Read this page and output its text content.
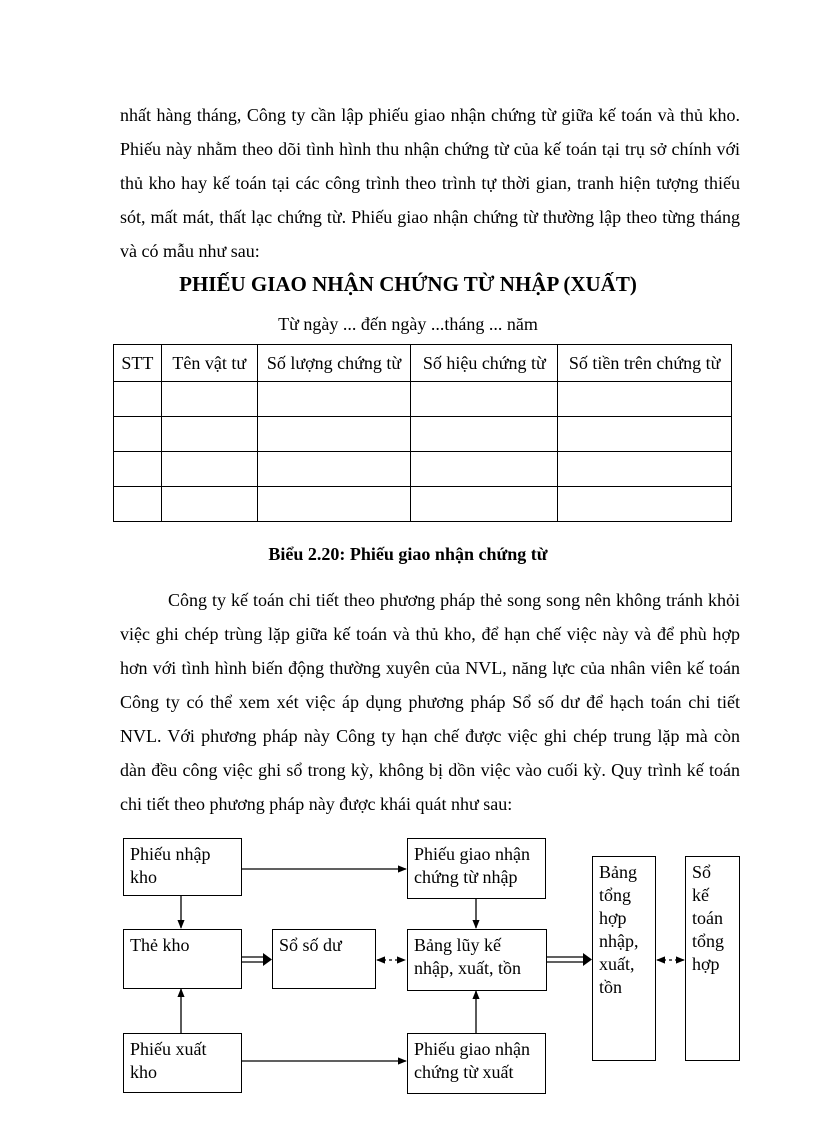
nhất hàng tháng, Công ty cần lập phiếu giao nhận chứng từ giữa kế toán và thủ kho. Phiếu này nhằm theo dõi tình hình thu nhận chứng từ của kế toán tại trụ sở chính với thủ kho hay kế toán tại các công trình theo trình tự thời gian, tranh hiện tượng thiếu sót, mất mát, thất lạc chứng từ. Phiếu giao nhận chứng từ thường lập theo từng tháng và có mẫu như sau:

PHIẾU GIAO NHẬN CHỨNG TỪ NHẬP (XUẤT)

Từ ngày ... đến ngày ...tháng ... năm

STT	Tên vật tư	Số lượng chứng từ	Số hiệu chứng từ	Số tiền trên chứng từ

Biểu 2.20: Phiếu giao nhận chứng từ

Công ty kế toán chi tiết theo phương pháp thẻ song song nên không tránh khỏi việc ghi chép trùng lặp giữa kế toán và thủ kho, để hạn chế việc này và để phù hợp hơn với tình hình biến động thường xuyên của NVL, năng lực của nhân viên kế toán Công ty có thể xem xét việc áp dụng phương pháp Sổ số dư để hạch toán chi tiết NVL. Với phương pháp này Công ty hạn chế được việc ghi chép trung lặp mà còn dàn đều công việc ghi sổ trong kỳ, không bị dồn việc vào cuối kỳ. Quy trình kế toán chi tiết theo phương pháp này được khái quát như sau:

Phiếu nhập
kho
Thẻ kho
Phiếu xuất
kho
Sổ số dư
Phiếu giao nhận
chứng từ nhập
Bảng lũy kế
nhập, xuất, tồn
Phiếu giao nhận
chứng từ xuất
Bảng
tổng
hợp
nhập,
xuất,
tồn
Sổ
kế
toán
tổng
hợp
